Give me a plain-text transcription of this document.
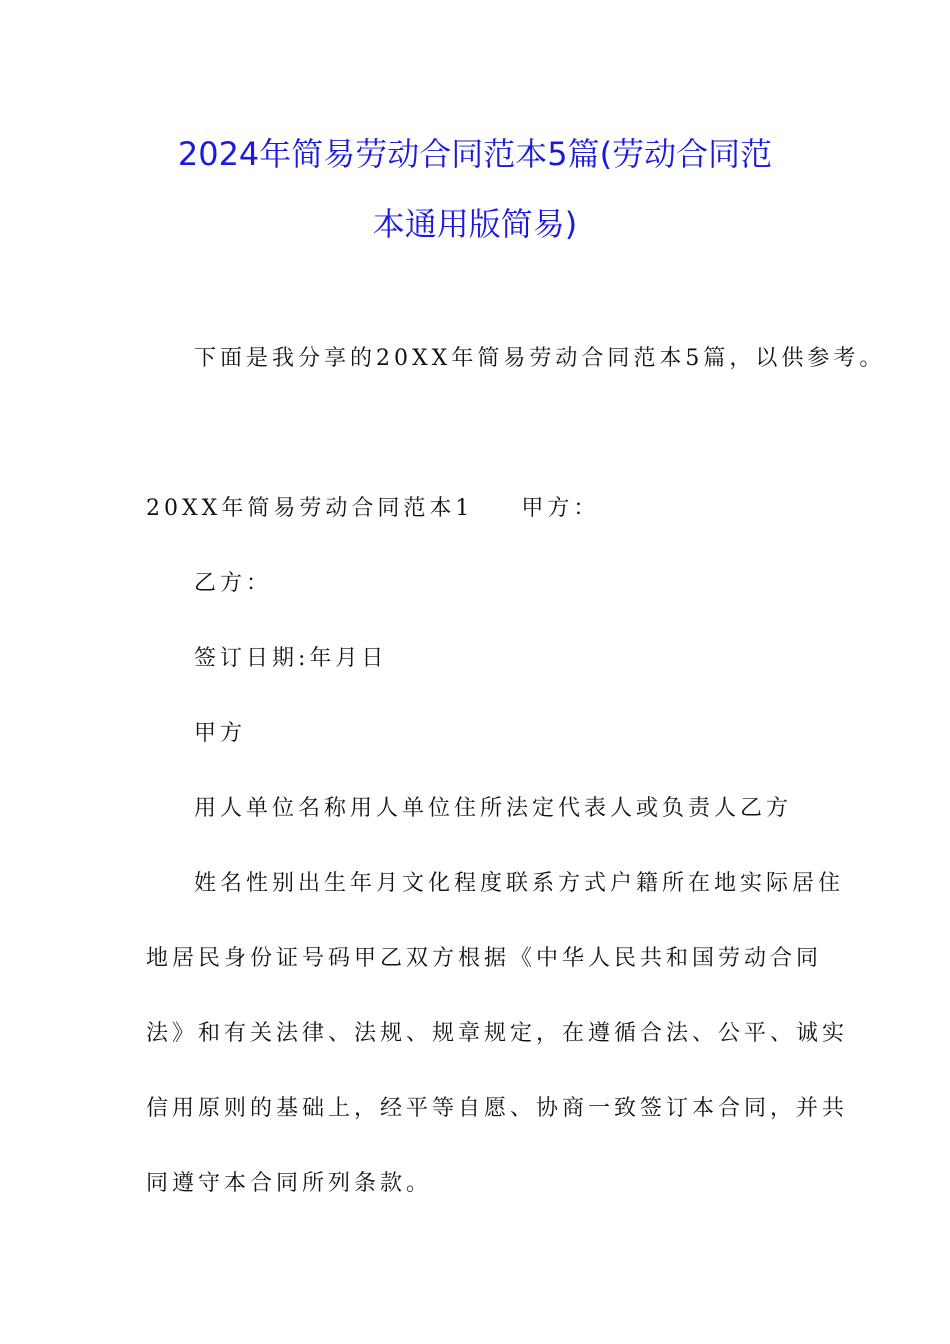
2024年简易劳动合同范本5篇(劳动合同范
本通用版简易)
下面是我分享的20XX年简易劳动合同范本5篇，以供参考。
20XX年简易劳动合同范本1 甲方：
乙方：
签订日期:年月日
甲方
用人单位名称用人单位住所法定代表人或负责人乙方
姓名性别出生年月文化程度联系方式户籍所在地实际居住
地居民身份证号码甲乙双方根据《中华人民共和国劳动合同
法》和有关法律、法规、规章规定，在遵循合法、公平、诚实
信用原则的基础上，经平等自愿、协商一致签订本合同，并共
同遵守本合同所列条款。
